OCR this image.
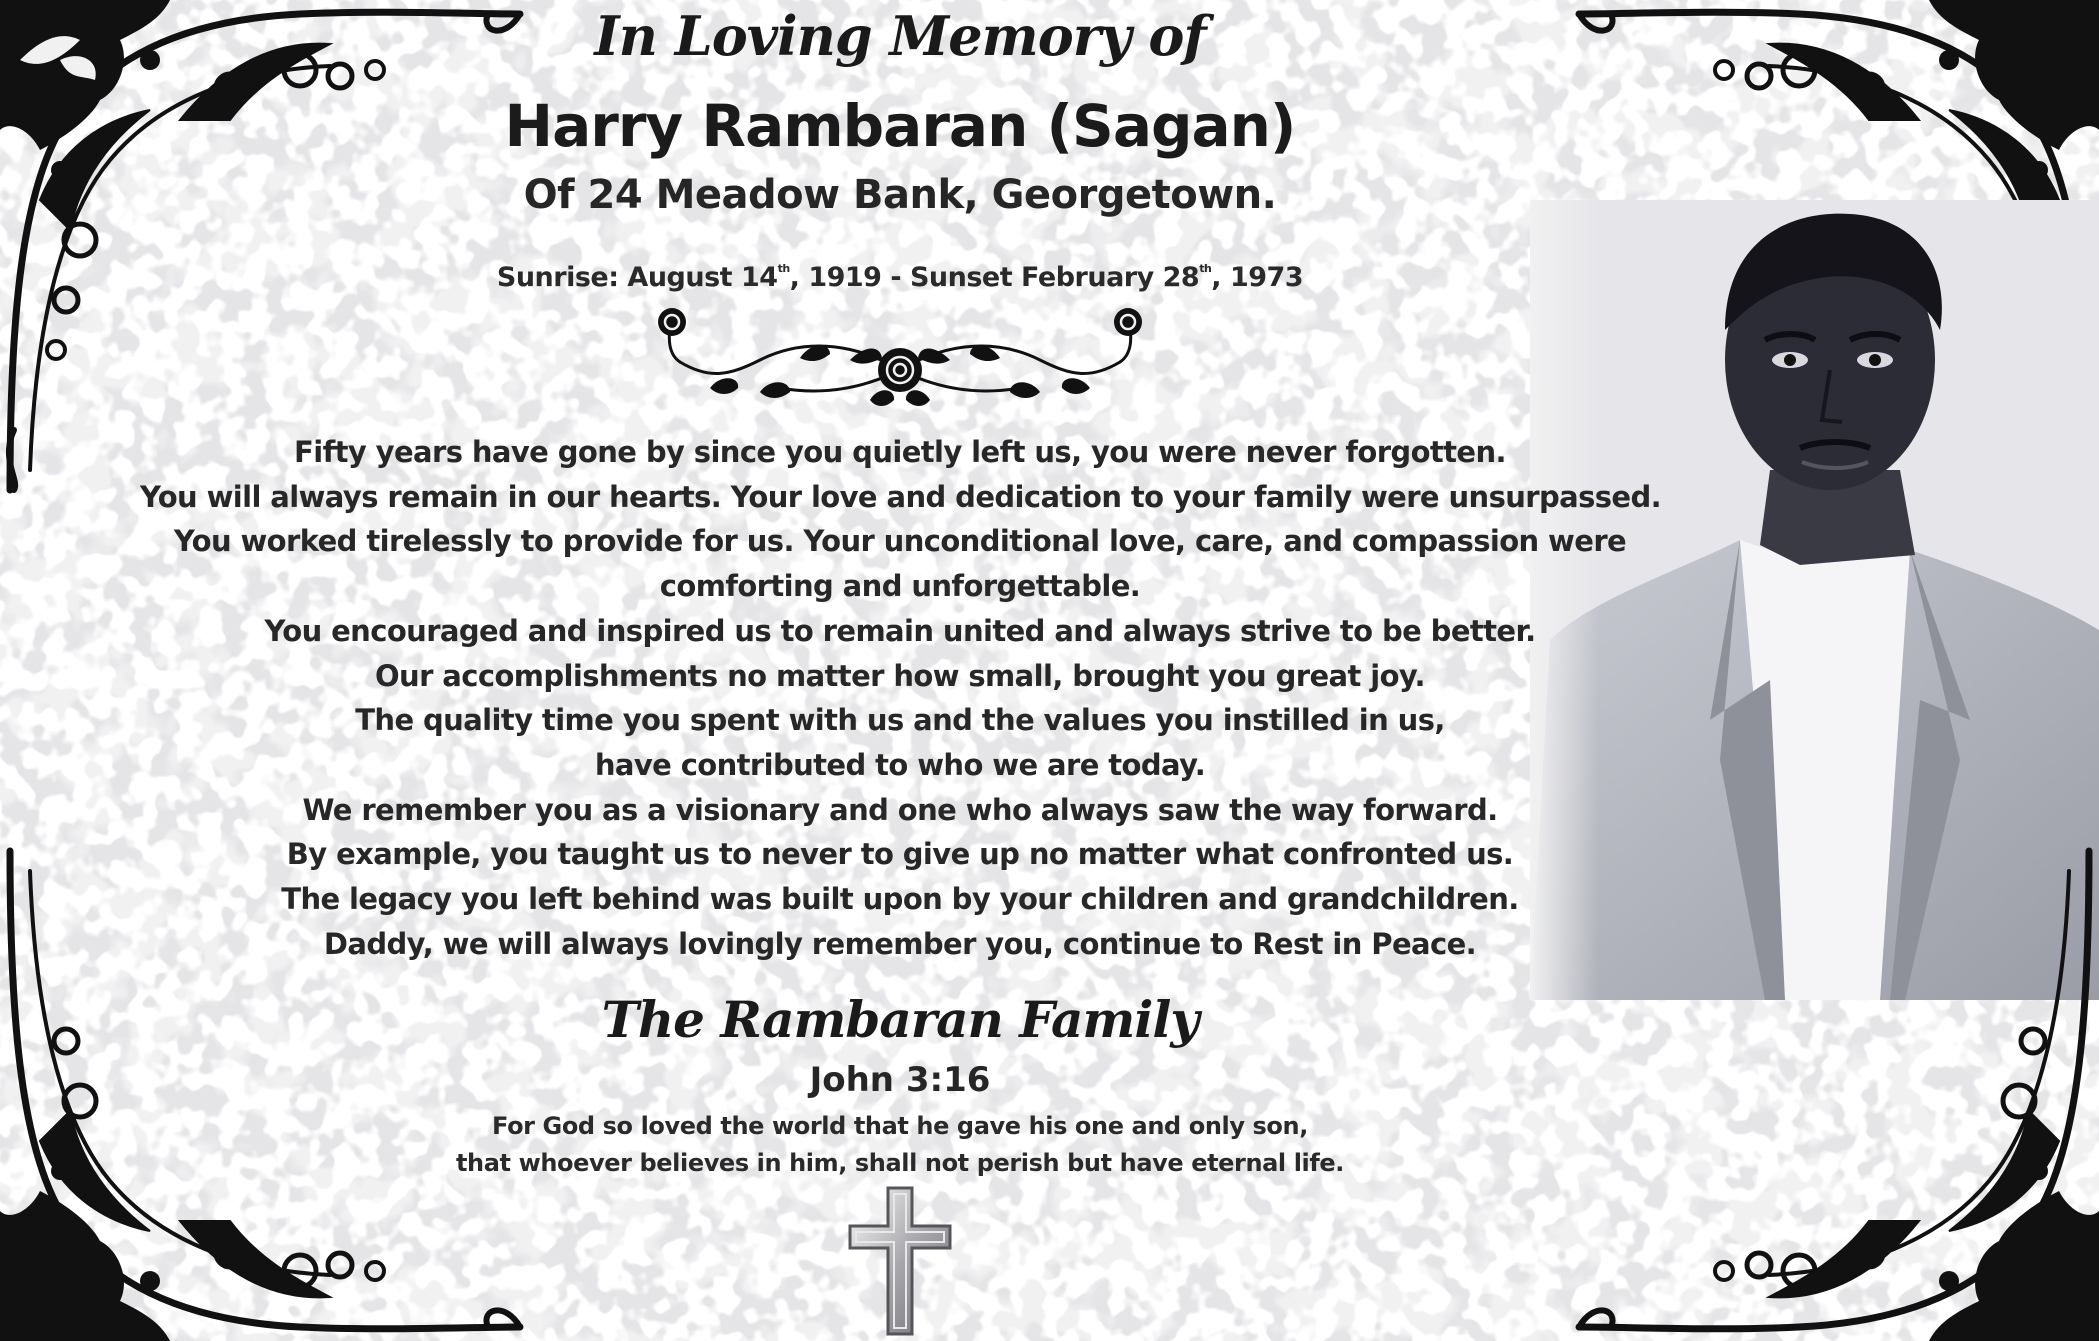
In Loving Memory of
Harry Rambaran (Sagan)
Of 24 Meadow Bank, Georgetown.
Sunrise: August 14th, 1919 - Sunset February 28th, 1973
Fifty years have gone by since you quietly left us, you were never forgotten.
You will always remain in our hearts. Your love and dedication to your family were unsurpassed.
You worked tirelessly to provide for us. Your unconditional love, care, and compassion were
comforting and unforgettable.
You encouraged and inspired us to remain united and always strive to be better.
Our accomplishments no matter how small, brought you great joy.
The quality time you spent with us and the values you instilled in us,
have contributed to who we are today.
We remember you as a visionary and one who always saw the way forward.
By example, you taught us to never to give up no matter what confronted us.
The legacy you left behind was built upon by your children and grandchildren.
Daddy, we will always lovingly remember you, continue to Rest in Peace.
The Rambaran Family
John 3:16
For God so loved the world that he gave his one and only son,
that whoever believes in him, shall not perish but have eternal life.
